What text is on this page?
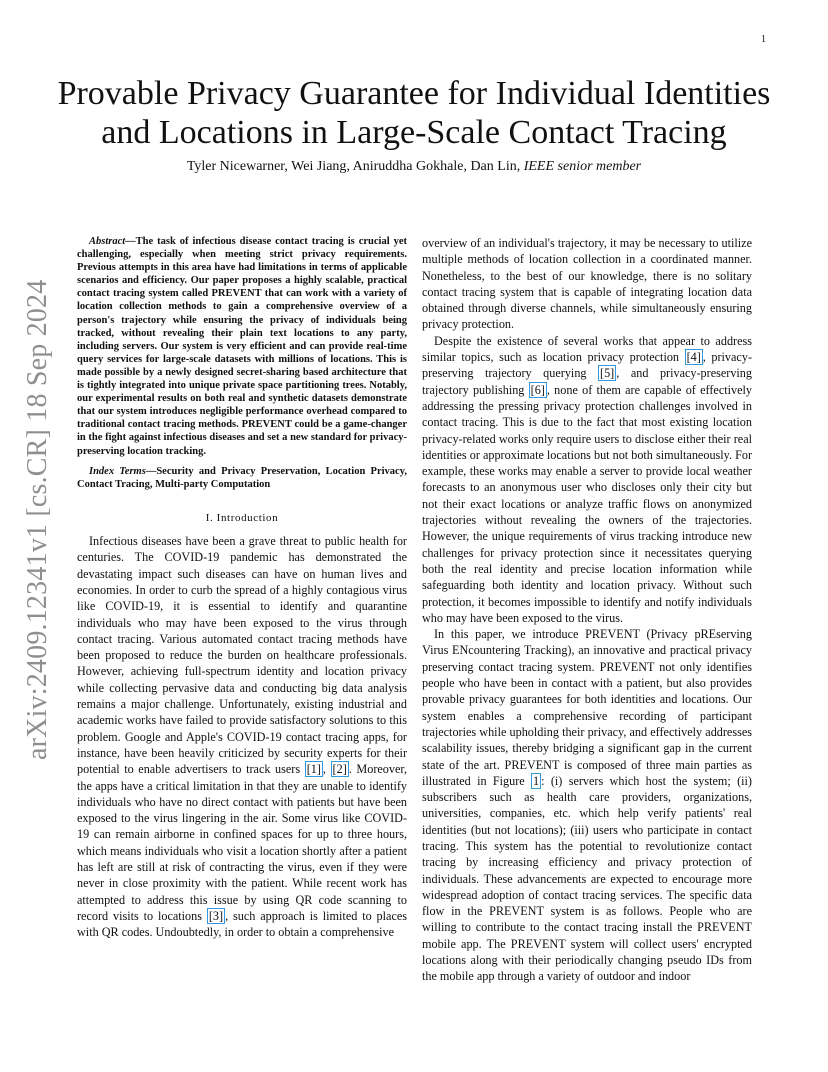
1
arXiv:2409.12341v1 [cs.CR] 18 Sep 2024
Provable Privacy Guarantee for Individual Identities
and Locations in Large-Scale Contact Tracing
Tyler Nicewarner, Wei Jiang, Aniruddha Gokhale, Dan Lin, IEEE senior member

Abstract—The task of infectious disease contact tracing is crucial yet challenging, especially when meeting strict privacy requirements. Previous attempts in this area have had limitations in terms of applicable scenarios and efficiency. Our paper proposes a highly scalable, practical contact tracing system called PREVENT that can work with a variety of location collection methods to gain a comprehensive overview of a person's trajectory while ensuring the privacy of individuals being tracked, without revealing their plain text locations to any party, including servers. Our system is very efficient and can provide real-time query services for large-scale datasets with millions of locations. This is made possible by a newly designed secret-sharing based architecture that is tightly integrated into unique private space partitioning trees. Notably, our experimental results on both real and synthetic datasets demonstrate that our system introduces negligible performance overhead compared to traditional contact tracing methods. PREVENT could be a game-changer in the fight against infectious diseases and set a new standard for privacy-preserving location tracking.

Index Terms—Security and Privacy Preservation, Location Privacy, Contact Tracing, Multi-party Computation

I. Introduction

Infectious diseases have been a grave threat to public health for centuries. The COVID-19 pandemic has demonstrated the devastating impact such diseases can have on human lives and economies. In order to curb the spread of a highly contagious virus like COVID-19, it is essential to identify and quarantine individuals who may have been exposed to the virus through contact tracing. Various automated contact tracing methods have been proposed to reduce the burden on healthcare professionals. However, achieving full-spectrum identity and location privacy while collecting pervasive data and conducting big data analysis remains a major challenge. Unfortunately, existing industrial and academic works have failed to provide satisfactory solutions to this problem. Google and Apple's COVID-19 contact tracing apps, for instance, have been heavily criticized by security experts for their potential to enable advertisers to track users [1] , [2] . Moreover, the apps have a critical limitation in that they are unable to identify individuals who have no direct contact with patients but have been exposed to the virus lingering in the air. Some virus like COVID-19 can remain airborne in confined spaces for up to three hours, which means individuals who visit a location shortly after a patient has left are still at risk of contracting the virus, even if they were never in close proximity with the patient. While recent work has attempted to address this issue by using QR code scanning to record visits to locations [3] , such approach is limited to places with QR codes. Undoubtedly, in order to obtain a comprehensive

overview of an individual's trajectory, it may be necessary to utilize multiple methods of location collection in a coordinated manner. Nonetheless, to the best of our knowledge, there is no solitary contact tracing system that is capable of integrating location data obtained through diverse channels, while simultaneously ensuring privacy protection.

Despite the existence of several works that appear to address similar topics, such as location privacy protection [4] , privacy-preserving trajectory querying [5] , and privacy-preserving trajectory publishing [6] , none of them are capable of effectively addressing the pressing privacy protection challenges involved in contact tracing. This is due to the fact that most existing location privacy-related works only require users to disclose either their real identities or approximate locations but not both simultaneously. For example, these works may enable a server to provide local weather forecasts to an anonymous user who discloses only their city but not their exact locations or analyze traffic flows on anonymized trajectories without revealing the owners of the trajectories. However, the unique requirements of virus tracking introduce new challenges for privacy protection since it necessitates querying both the real identity and precise location information while safeguarding both identity and location privacy. Without such protection, it becomes impossible to identify and notify individuals who may have been exposed to the virus.

In this paper, we introduce PREVENT (Privacy pREserving Virus ENcountering Tracking), an innovative and practical privacy preserving contact tracing system. PREVENT not only identifies people who have been in contact with a patient, but also provides provable privacy guarantees for both identities and locations. Our system enables a comprehensive recording of participant trajectories while upholding their privacy, and effectively addresses scalability issues, thereby bridging a significant gap in the current state of the art. PREVENT is composed of three main parties as illustrated in Figure 1 : (i) servers which host the system; (ii) subscribers such as health care providers, organizations, universities, companies, etc. which help verify patients' real identities (but not locations); (iii) users who participate in contact tracing. This system has the potential to revolutionize contact tracing by increasing efficiency and privacy protection of individuals. These advancements are expected to encourage more widespread adoption of contact tracing services. The specific data flow in the PREVENT system is as follows. People who are willing to contribute to the contact tracing install the PREVENT mobile app. The PREVENT system will collect users' encrypted locations along with their periodically changing pseudo IDs from the mobile app through a variety of outdoor and indoor
